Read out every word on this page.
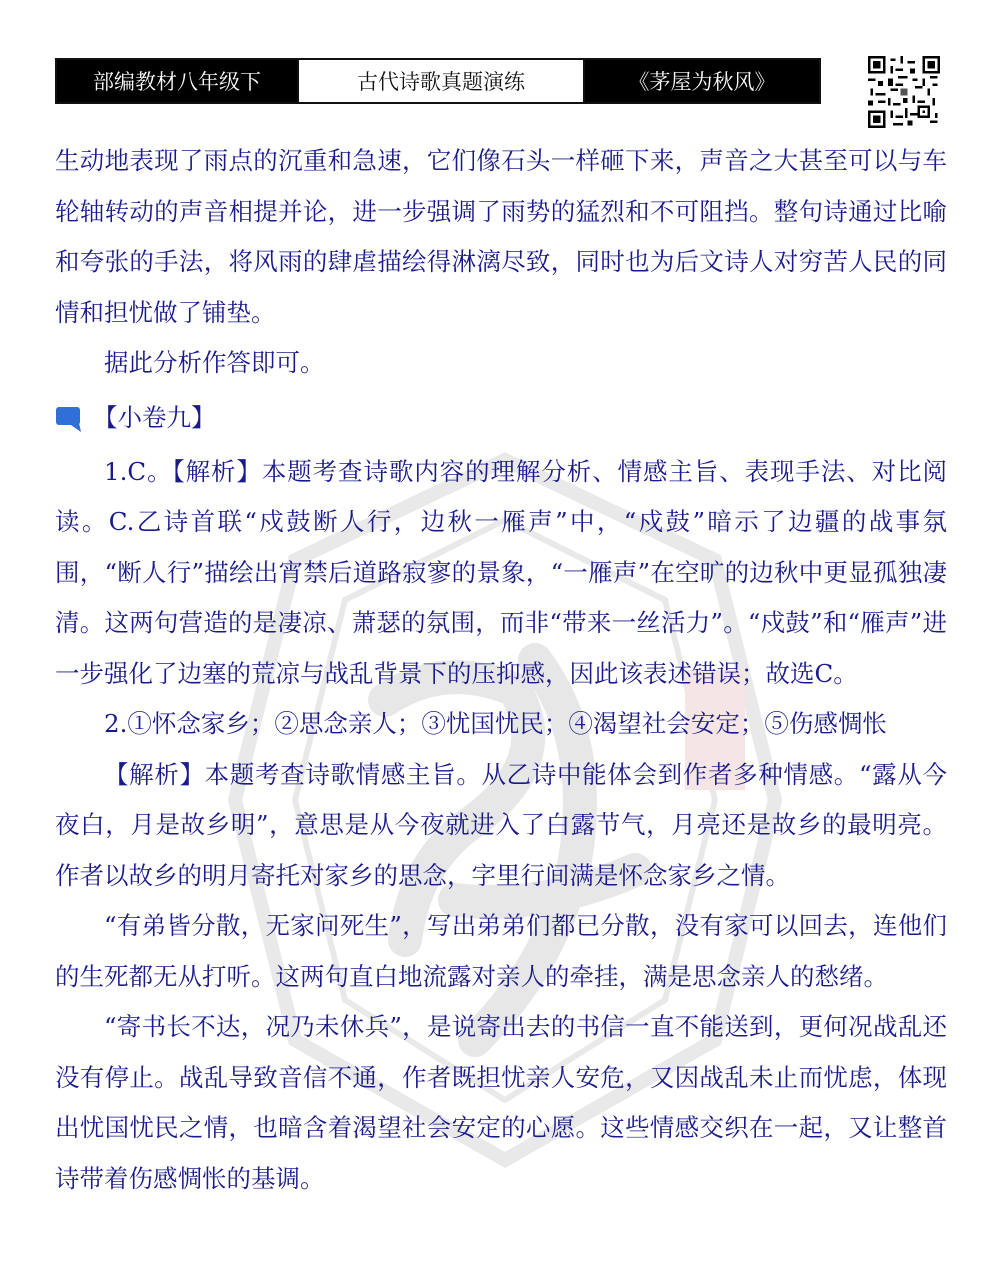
部编教材八年级下	古代诗歌真题演练	《茅屋为秋风》

生动地表现了雨点的沉重和急速，它们像石头一样砸下来，声音之大甚至可以与车轮轴转动的声音相提并论，进一步强调了雨势的猛烈和不可阻挡。整句诗通过比喻和夸张的手法，将风雨的肆虐描绘得淋漓尽致，同时也为后文诗人对穷苦人民的同情和担忧做了铺垫。

据此分析作答即可。

【小卷九】

1.C。【解析】本题考查诗歌内容的理解分析、情感主旨、表现手法、对比阅读。C.乙诗首联“戍鼓断人行，边秋一雁声”中，“戍鼓”暗示了边疆的战事氛围，“断人行”描绘出宵禁后道路寂寥的景象，“一雁声”在空旷的边秋中更显孤独凄清。这两句营造的是凄凉、萧瑟的氛围，而非“带来一丝活力”。“戍鼓”和“雁声”进一步强化了边塞的荒凉与战乱背景下的压抑感，因此该表述错误；故选C。

2.①怀念家乡；②思念亲人；③忧国忧民；④渴望社会安定；⑤伤感惆怅

【解析】本题考查诗歌情感主旨。从乙诗中能体会到作者多种情感。“露从今夜白，月是故乡明”，意思是从今夜就进入了白露节气，月亮还是故乡的最明亮。作者以故乡的明月寄托对家乡的思念，字里行间满是怀念家乡之情。

“有弟皆分散，无家问死生”，写出弟弟们都已分散，没有家可以回去，连他们的生死都无从打听。这两句直白地流露对亲人的牵挂，满是思念亲人的愁绪。

“寄书长不达，况乃未休兵”，是说寄出去的书信一直不能送到，更何况战乱还没有停止。战乱导致音信不通，作者既担忧亲人安危，又因战乱未止而忧虑，体现出忧国忧民之情，也暗含着渴望社会安定的心愿。这些情感交织在一起，又让整首诗带着伤感惆怅的基调。
